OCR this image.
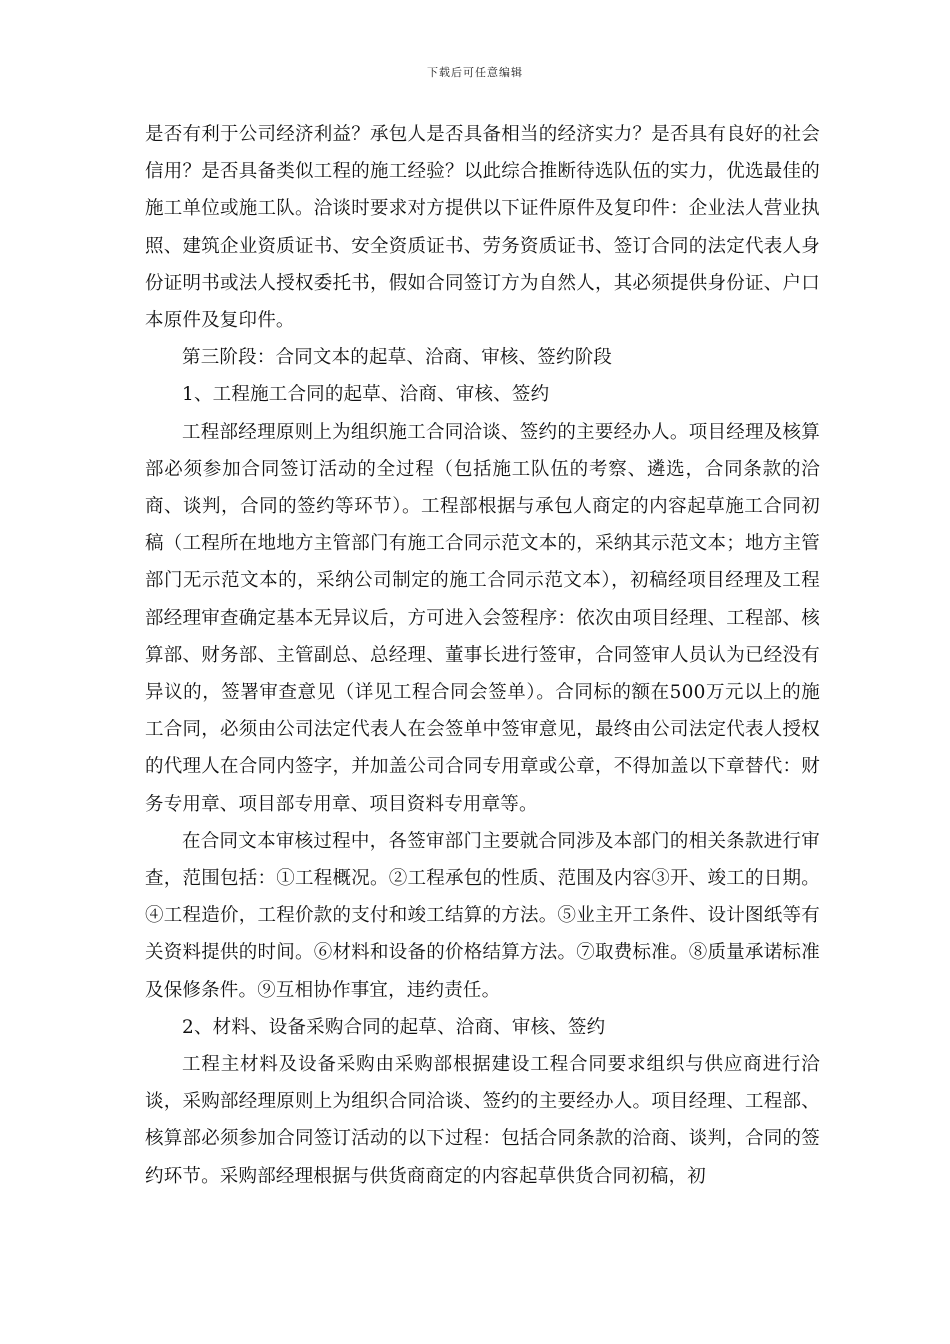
下载后可任意编辑

是否有利于公司经济利益？承包人是否具备相当的经济实力？是否具有良好的社会信用？是否具备类似工程的施工经验？以此综合推断待选队伍的实力，优选最佳的施工单位或施工队。洽谈时要求对方提供以下证件原件及复印件：企业法人营业执照、建筑企业资质证书、安全资质证书、劳务资质证书、签订合同的法定代表人身份证明书或法人授权委托书，假如合同签订方为自然人，其必须提供身份证、户口本原件及复印件。

第三阶段：合同文本的起草、洽商、审核、签约阶段

1、工程施工合同的起草、洽商、审核、签约

工程部经理原则上为组织施工合同洽谈、签约的主要经办人。项目经理及核算部必须参加合同签订活动的全过程（包括施工队伍的考察、遴选，合同条款的洽商、谈判，合同的签约等环节）。工程部根据与承包人商定的内容起草施工合同初稿（工程所在地地方主管部门有施工合同示范文本的，采纳其示范文本；地方主管部门无示范文本的，采纳公司制定的施工合同示范文本），初稿经项目经理及工程部经理审查确定基本无异议后，方可进入会签程序：依次由项目经理、工程部、核算部、财务部、主管副总、总经理、董事长进行签审，合同签审人员认为已经没有异议的，签署审查意见（详见工程合同会签单）。合同标的额在500万元以上的施工合同，必须由公司法定代表人在会签单中签审意见，最终由公司法定代表人授权的代理人在合同内签字，并加盖公司合同专用章或公章，不得加盖以下章替代：财务专用章、项目部专用章、项目资料专用章等。

在合同文本审核过程中，各签审部门主要就合同涉及本部门的相关条款进行审查，范围包括：①工程概况。②工程承包的性质、范围及内容③开、竣工的日期。④工程造价，工程价款的支付和竣工结算的方法。⑤业主开工条件、设计图纸等有关资料提供的时间。⑥材料和设备的价格结算方法。⑦取费标准。⑧质量承诺标准及保修条件。⑨互相协作事宜，违约责任。

2、材料、设备采购合同的起草、洽商、审核、签约

工程主材料及设备采购由采购部根据建设工程合同要求组织与供应商进行洽谈，采购部经理原则上为组织合同洽谈、签约的主要经办人。项目经理、工程部、核算部必须参加合同签订活动的以下过程：包括合同条款的洽商、谈判，合同的签约环节。采购部经理根据与供货商商定的内容起草供货合同初稿，初
